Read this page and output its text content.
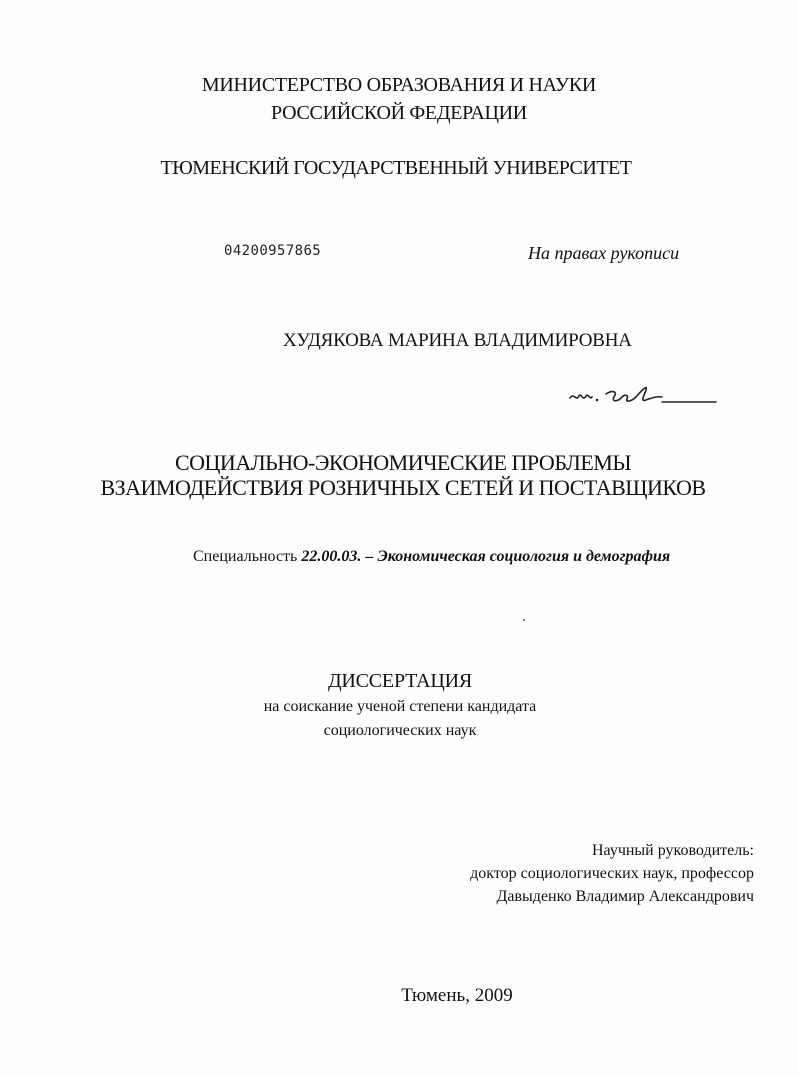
МИНИСТЕРСТВО ОБРАЗОВАНИЯ И НАУКИ
РОССИЙСКОЙ ФЕДЕРАЦИИ
ТЮМЕНСКИЙ ГОСУДАРСТВЕННЫЙ УНИВЕРСИТЕТ
04200957865	На правах рукописи
ХУДЯКОВА МАРИНА ВЛАДИМИРОВНА
СОЦИАЛЬНО-ЭКОНОМИЧЕСКИЕ ПРОБЛЕМЫ
ВЗАИМОДЕЙСТВИЯ РОЗНИЧНЫХ СЕТЕЙ И ПОСТАВЩИКОВ
Специальность 22.00.03. – Экономическая социология и демография
ДИССЕРТАЦИЯ
на соискание ученой степени кандидата
социологических наук
Научный руководитель:
доктор социологических наук, профессор
Давыденко Владимир Александрович
Тюмень, 2009
